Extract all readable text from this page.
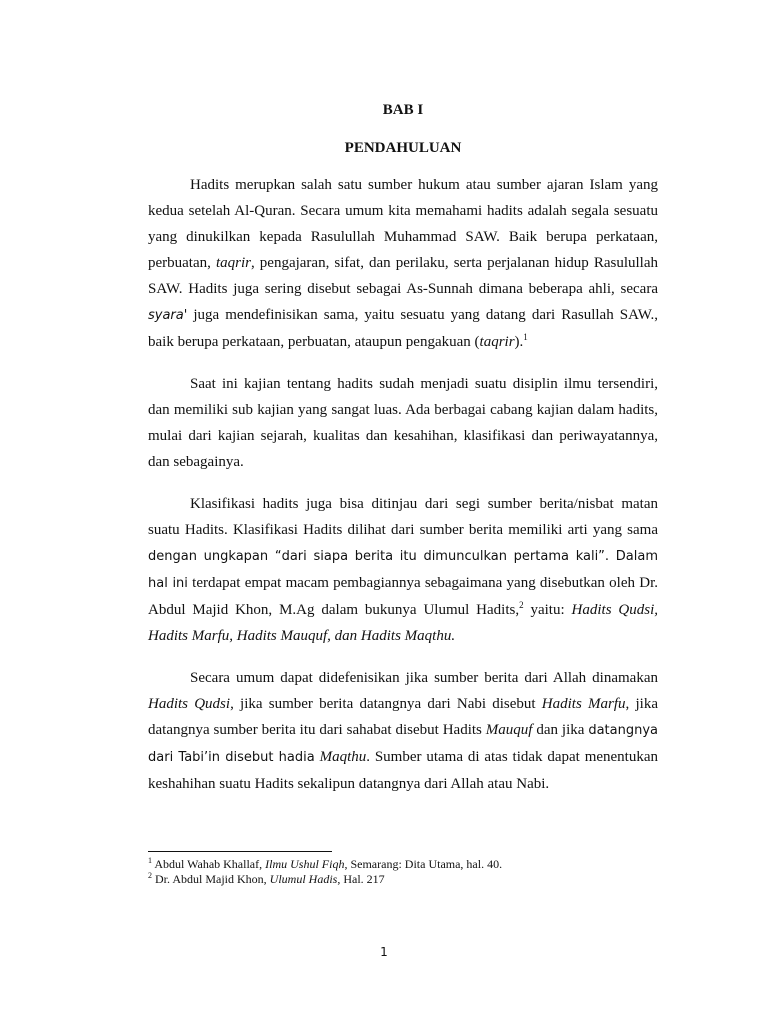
BAB I

PENDAHULUAN

Hadits merupkan salah satu sumber hukum atau sumber ajaran Islam yang kedua setelah Al-Quran. Secara umum kita memahami hadits adalah segala sesuatu yang dinukilkan kepada Rasulullah Muhammad SAW. Baik berupa perkataan, perbuatan, taqrir, pengajaran, sifat, dan perilaku, serta perjalanan hidup Rasulullah SAW. Hadits juga sering disebut sebagai As-Sunnah dimana beberapa ahli, secara syara' juga mendefinisikan sama, yaitu sesuatu yang datang dari Rasullah SAW., baik berupa perkataan, perbuatan, ataupun pengakuan (taqrir).$^1$

Saat ini kajian tentang hadits sudah menjadi suatu disiplin ilmu tersendiri, dan memiliki sub kajian yang sangat luas. Ada berbagai cabang kajian dalam hadits, mulai dari kajian sejarah, kualitas dan kesahihan, klasifikasi dan periwayatannya, dan sebagainya.

Klasifikasi hadits juga bisa ditinjau dari segi sumber berita/nisbat matan suatu Hadits. Klasifikasi Hadits dilihat dari sumber berita memiliki arti yang sama dengan ungkapan “dari siapa berita itu dimunculkan pertama kali”. Dalam hal ini terdapat empat macam pembagiannya sebagaimana yang disebutkan oleh Dr. Abdul Majid Khon, M.Ag dalam bukunya Ulumul Hadits,$^2$ yaitu: Hadits Qudsi, Hadits Marfu, Hadits Mauquf, dan Hadits Maqthu.

Secara umum dapat didefenisikan jika sumber berita dari Allah dinamakan Hadits Qudsi, jika sumber berita datangnya dari Nabi disebut Hadits Marfu, jika datangnya sumber berita itu dari sahabat disebut Hadits Mauquf dan jika datangnya dari Tabi’in disebut hadia Maqthu. Sumber utama di atas tidak dapat menentukan keshahihan suatu Hadits sekalipun datangnya dari Allah atau Nabi.

$^1$ Abdul Wahab Khallaf, Ilmu Ushul Fiqh, Semarang: Dita Utama, hal. 40.

$^2$ Dr. Abdul Majid Khon, Ulumul Hadis, Hal. 217

1
